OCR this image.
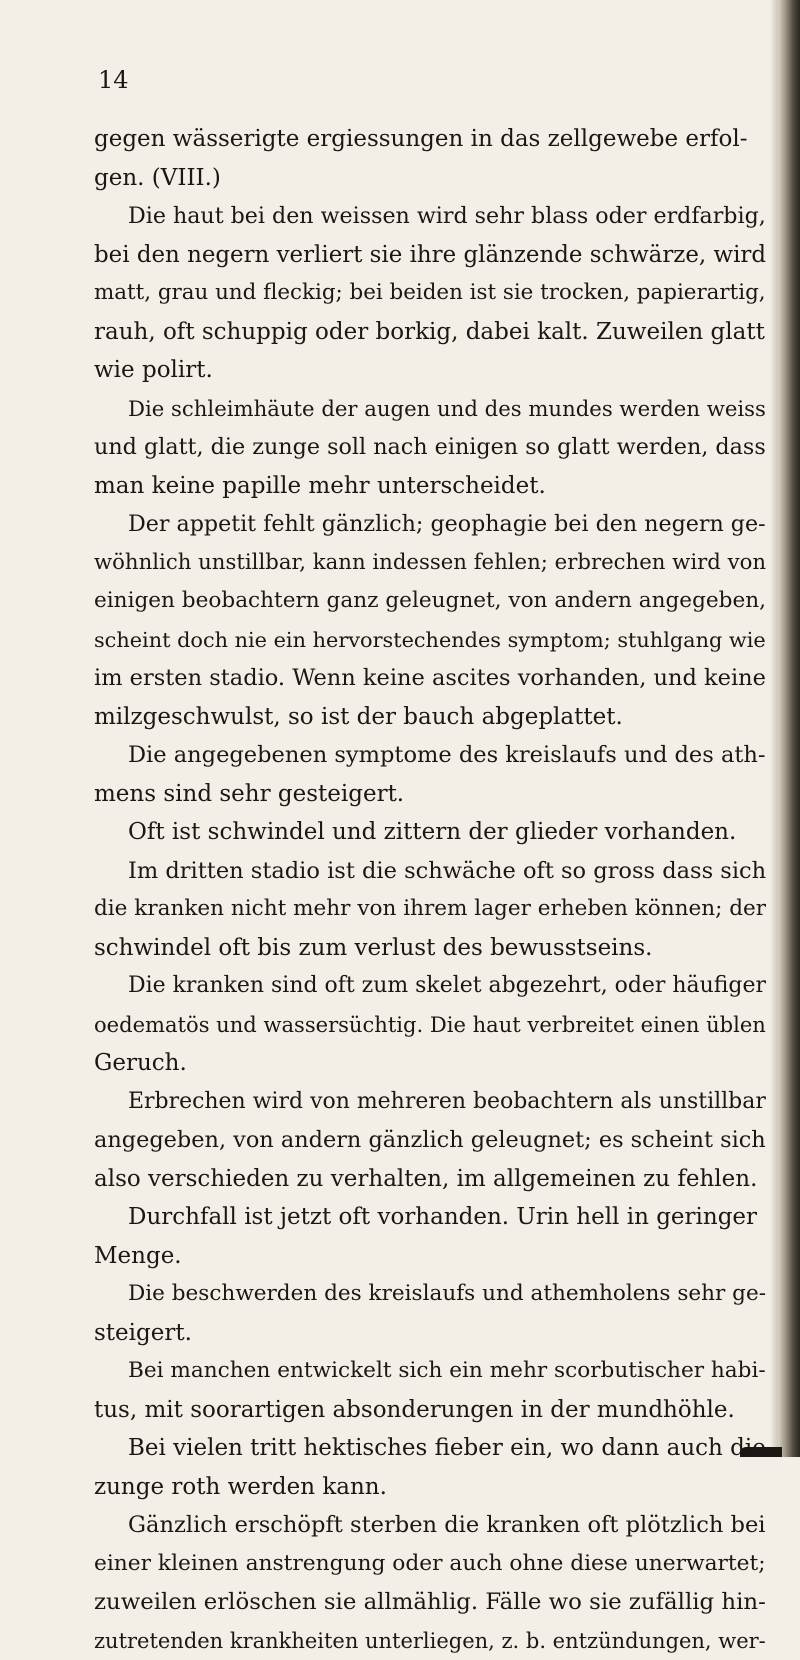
14
gegen wässerigte ergiessungen in das zellgewebe erfol-
gen. (VIII.)
Die haut bei den weissen wird sehr blass oder erdfarbig,
bei den negern verliert sie ihre glänzende schwärze, wird
matt, grau und fleckig; bei beiden ist sie trocken, papierartig,
rauh, oft schuppig oder borkig, dabei kalt. Zuweilen glatt
wie polirt.
Die schleimhäute der augen und des mundes werden weiss
und glatt, die zunge soll nach einigen so glatt werden, dass
man keine papille mehr unterscheidet.
Der appetit fehlt gänzlich; geophagie bei den negern ge-
wöhnlich unstillbar, kann indessen fehlen; erbrechen wird von
einigen beobachtern ganz geleugnet, von andern angegeben,
scheint doch nie ein hervorstechendes symptom; stuhlgang wie
im ersten stadio. Wenn keine ascites vorhanden, und keine
milzgeschwulst, so ist der bauch abgeplattet.
Die angegebenen symptome des kreislaufs und des ath-
mens sind sehr gesteigert.
Oft ist schwindel und zittern der glieder vorhanden.
Im dritten stadio ist die schwäche oft so gross dass sich
die kranken nicht mehr von ihrem lager erheben können; der
schwindel oft bis zum verlust des bewusstseins.
Die kranken sind oft zum skelet abgezehrt, oder häufiger
oedematös und wassersüchtig. Die haut verbreitet einen üblen
Geruch.
Erbrechen wird von mehreren beobachtern als unstillbar
angegeben, von andern gänzlich geleugnet; es scheint sich
also verschieden zu verhalten, im allgemeinen zu fehlen.
Durchfall ist jetzt oft vorhanden. Urin hell in geringer
Menge.
Die beschwerden des kreislaufs und athemholens sehr ge-
steigert.
Bei manchen entwickelt sich ein mehr scorbutischer habi-
tus, mit soorartigen absonderungen in der mundhöhle.
Bei vielen tritt hektisches fieber ein, wo dann auch die
zunge roth werden kann.
Gänzlich erschöpft sterben die kranken oft plötzlich bei
einer kleinen anstrengung oder auch ohne diese unerwartet;
zuweilen erlöschen sie allmählig. Fälle wo sie zufällig hin-
zutretenden krankheiten unterliegen, z. b. entzündungen, wer-
